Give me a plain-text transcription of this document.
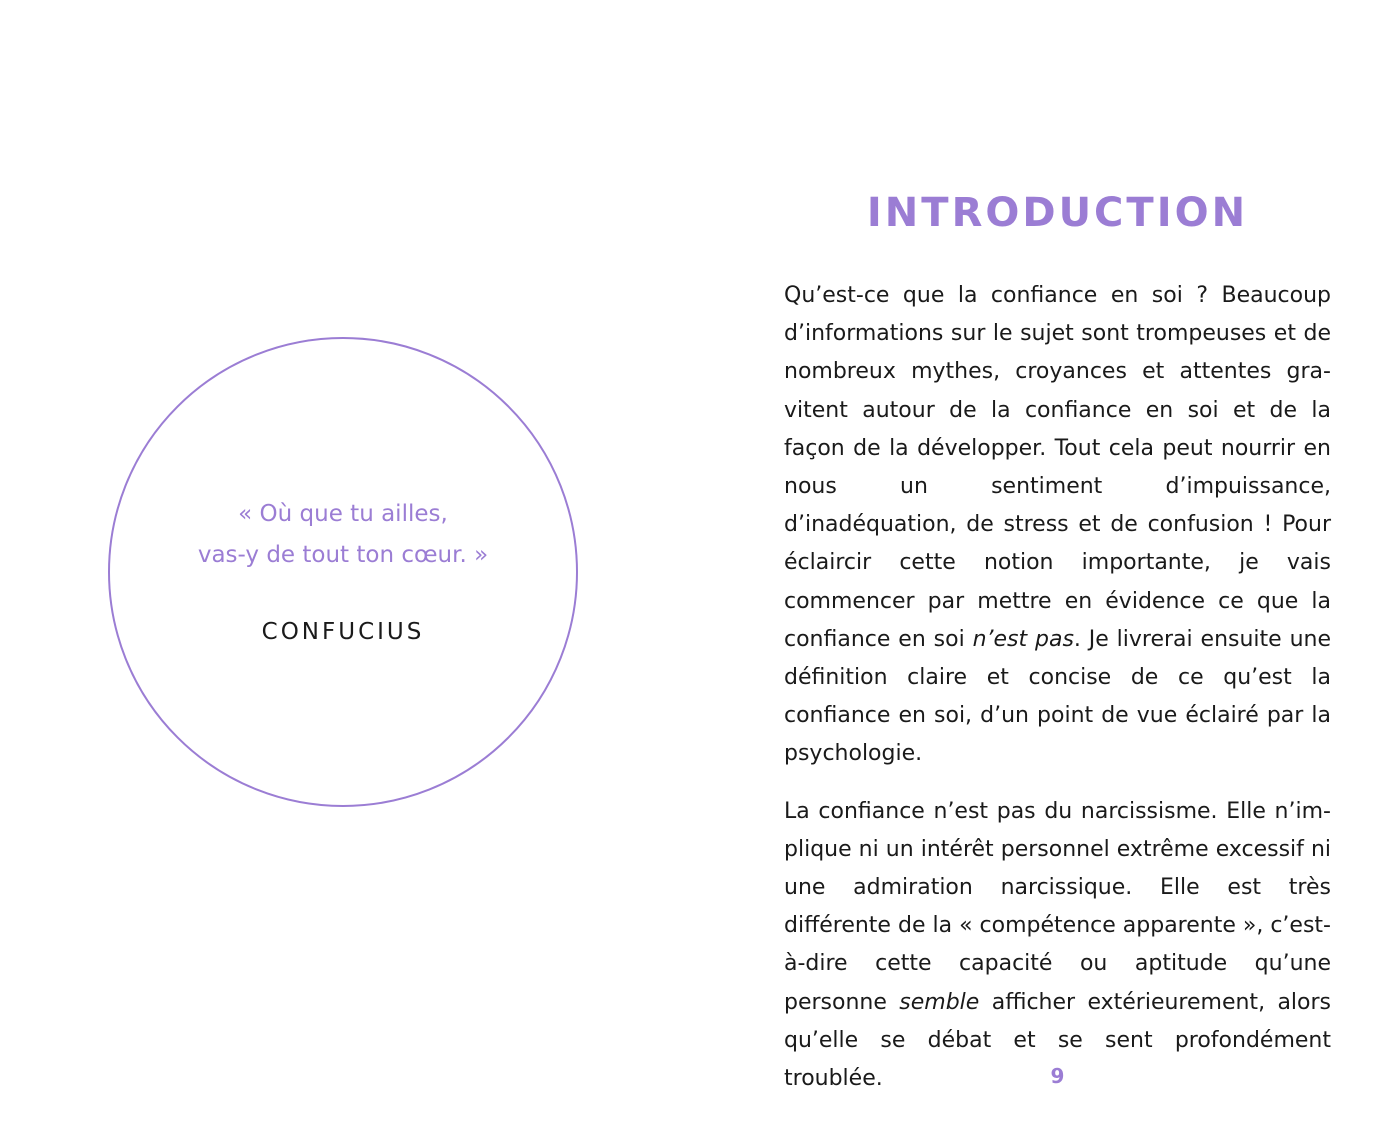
« Où que tu ailles,
vas-y de tout ton cœur. »

CONFUCIUS

INTRODUCTION

Qu’est-ce que la confiance en soi ? Beaucoup d’informations sur le sujet sont trompeuses et de nombreux mythes, croyances et attentes gravitent autour de la confiance en soi et de la façon de la développer. Tout cela peut nourrir en nous un sentiment d’impuissance, d’inadéquation, de stress et de confusion ! Pour éclaircir cette notion importante, je vais commencer par mettre en évidence ce que la confiance en soi n’est pas. Je livrerai ensuite une définition claire et concise de ce qu’est la confiance en soi, d’un point de vue éclairé par la psychologie.

La confiance n’est pas du narcissisme. Elle n’implique ni un intérêt personnel extrême excessif ni une admiration narcissique. Elle est très différente de la « compétence apparente », c’est-à-dire cette capacité ou aptitude qu’une personne semble afficher extérieurement, alors qu’elle se débat et se sent profondément troublée.	9
